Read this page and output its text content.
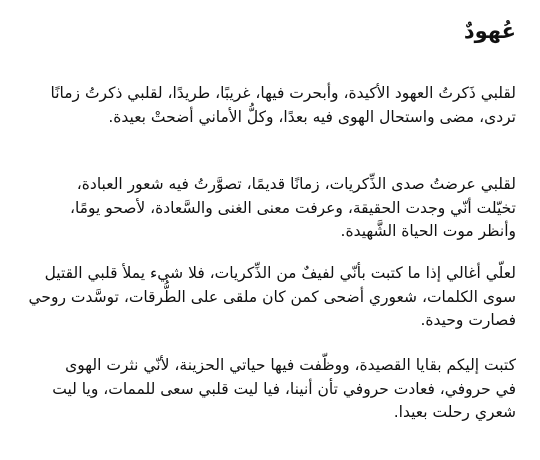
عُهودٌ

لقلبي ذَكرتُ العهود الأكيدة، وأبحرت فيها، غريبًا، طريدًا، لقلبي ذكرتُ زمانًا
تردى، مضى واستحال الهوى فيه بعدًا، وكلُّ الأماني أضحتْ بعيدة.

لقلبي عرضتُ صدى الذِّكريات، زمانًا قديمًا، تصوَّرتُ فيه شعور العبادة،
تخيّلت أنّي وجدت الحقيقة، وعرفت معنى الغنى والسَّعادة، لأصحو يومًا،
وأنظر موت الحياة الشَّهيدة.

لعلّي أغالي إذا ما كتبت بأنّي لفيفٌ من الذِّكريات، فلا شيء يملأ قلبي القتيل
سوى الكلمات، شعوري أضحى كمن كان ملقى على الطُّرقات، توسَّدت روحي
فصارت وحيدة.

كتبت إليكم بقايا القصيدة، ووظّفت فيها حياتي الحزينة، لأنّي نثرت الهوى
في حروفي، فعادت حروفي تأن أنينا، فيا ليت قلبي سعى للممات، ويا ليت
شعري رحلت بعيدا.
